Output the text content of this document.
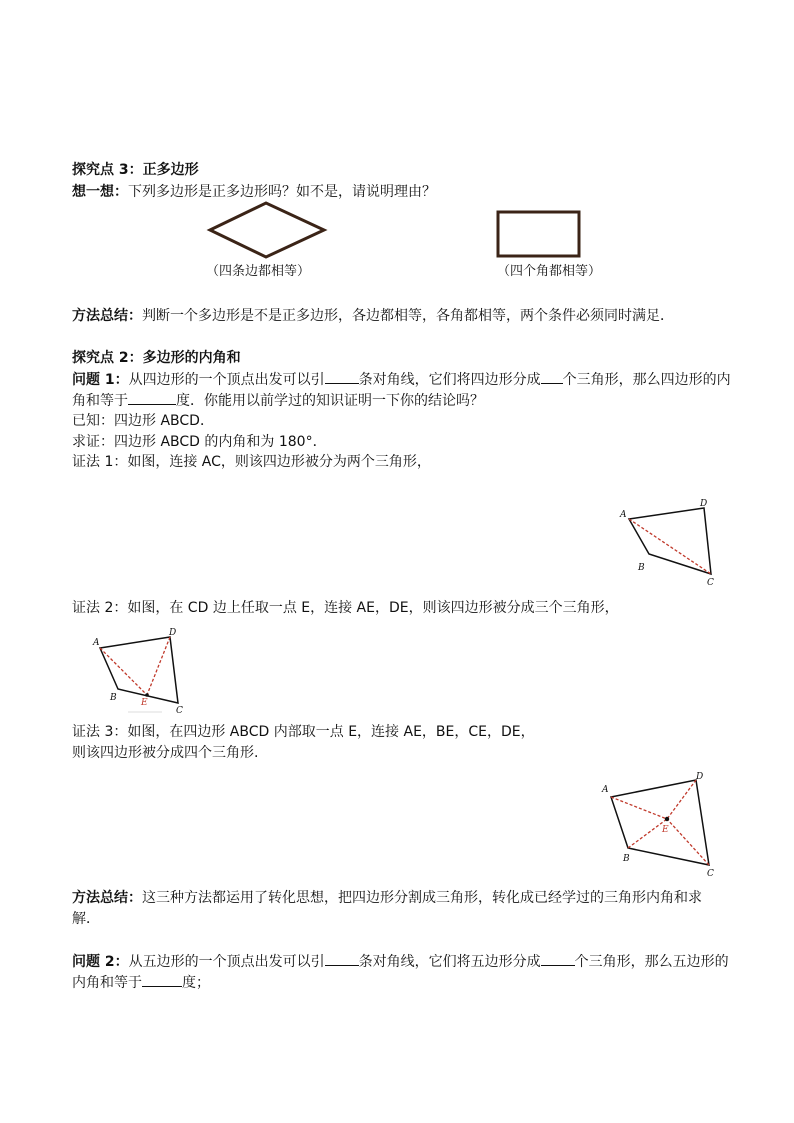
探究点 3：正多边形
想一想：下列多边形是正多边形吗？如不是，请说明理由？
（四条边都相等）	（四个角都相等）
方法总结：判断一个多边形是不是正多边形，各边都相等，各角都相等，两个条件必须同时满足．
探究点 2：多边形的内角和
问题 1：从四边形的一个顶点出发可以引 条对角线，它们将四边形分成 个三角形，那么四边形的内
角和等于	度．你能用以前学过的知识证明一下你的结论吗？
已知：四边形 ABCD．
求证：四边形 ABCD 的内角和为 180°．
证法 1：如图，连接 AC，则该四边形被分为两个三角形，
A
D
C
B
证法 2：如图，在 CD 边上任取一点 E，连接 AE，DE，则该四边形被分成三个三角形，
A
D
C
B	E
证法 3：如图，在四边形 ABCD 内部取一点 E，连接 AE，BE，CE，DE，
则该四边形被分成四个三角形.
A
D
C
B
E
方法总结：这三种方法都运用了转化思想，把四边形分割成三角形，转化成已经学过的三角形内角和求
解．
问题 2：从五边形的一个顶点出发可以引 条对角线，它们将五边形分成 个三角形，那么五边形的
内角和等于	度；
